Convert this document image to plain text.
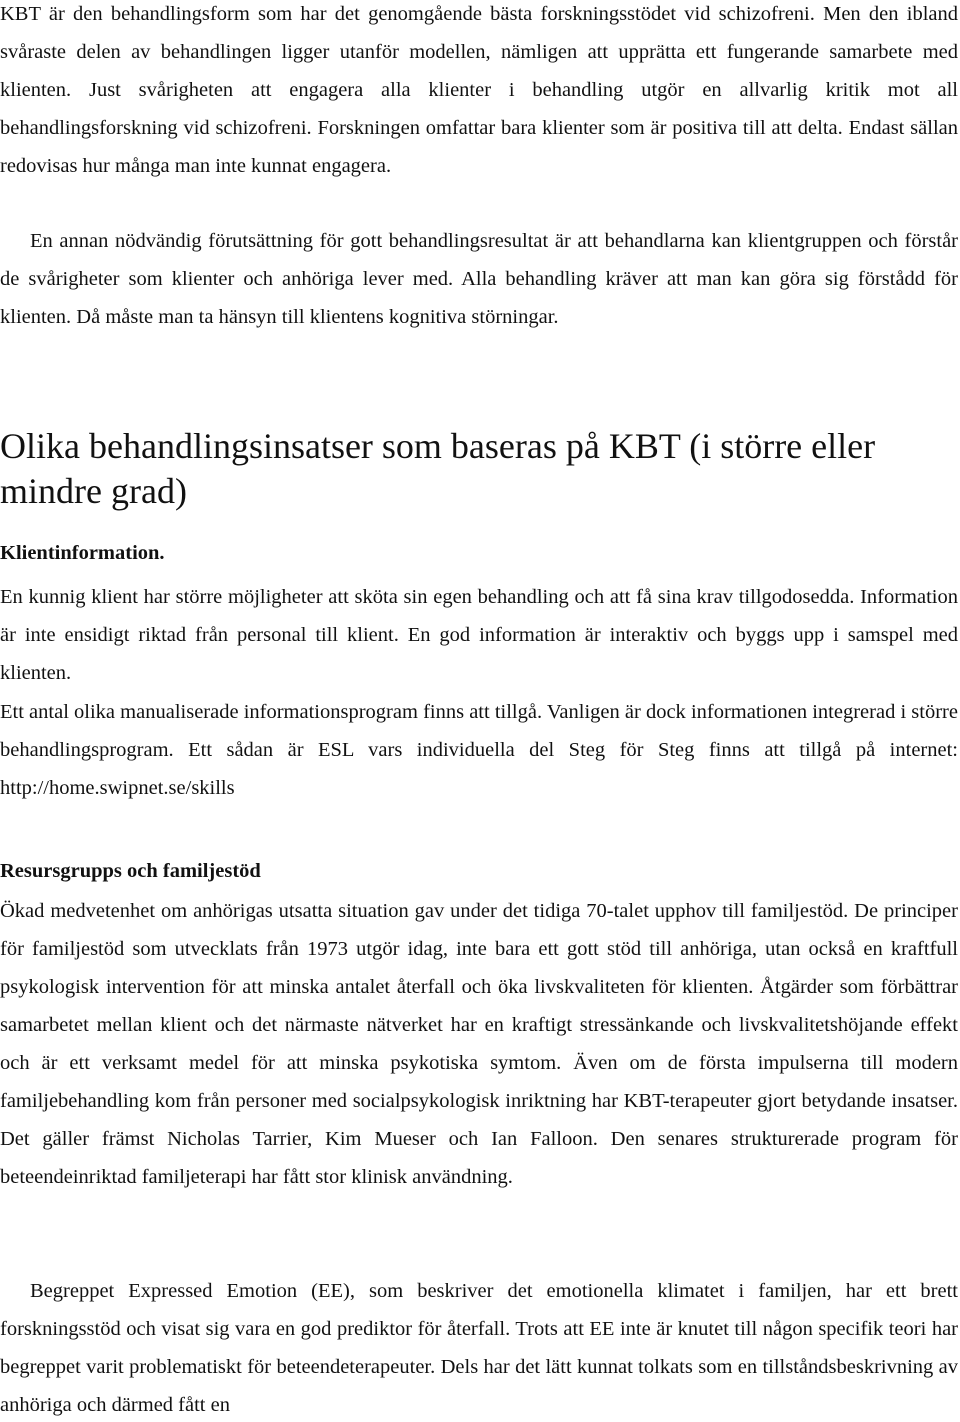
KBT är den behandlingsform som har det genomgående bästa forskningsstödet vid schizofreni. Men den ibland svåraste delen av behandlingen ligger utanför modellen, nämligen att upprätta ett fungerande samarbete med klienten. Just svårigheten att engagera alla klienter i behandling utgör en allvarlig kritik mot all behandlingsforskning vid schizofreni. Forskningen omfattar bara klienter som är positiva till att delta. Endast sällan redovisas hur många man inte kunnat engagera.

En annan nödvändig förutsättning för gott behandlingsresultat är att behandlarna kan klientgruppen och förstår de svårigheter som klienter och anhöriga lever med. Alla behandling kräver att man kan göra sig förstådd för klienten. Då måste man ta hänsyn till klientens kognitiva störningar.

Olika behandlingsinsatser som baseras på KBT (i större eller mindre grad)
Klientinformation.

En kunnig klient har större möjligheter att sköta sin egen behandling och att få sina krav tillgodosedda. Information är inte ensidigt riktad från personal till klient. En god information är interaktiv och byggs upp i samspel med klienten.

Ett antal olika manualiserade informationsprogram finns att tillgå. Vanligen är dock informationen integrerad i större behandlingsprogram. Ett sådan är ESL vars individuella del Steg för Steg finns att tillgå på internet: http://home.swipnet.se/skills

Resursgrupps och familjestöd

Ökad medvetenhet om anhörigas utsatta situation gav under det tidiga 70-talet upphov till familjestöd. De principer för familjestöd som utvecklats från 1973 utgör idag, inte bara ett gott stöd till anhöriga, utan också en kraftfull psykologisk intervention för att minska antalet återfall och öka livskvaliteten för klienten. Åtgärder som förbättrar samarbetet mellan klient och det närmaste nätverket har en kraftigt stressänkande och livskvalitetshöjande effekt och är ett verksamt medel för att minska psykotiska symtom. Även om de första impulserna till modern familjebehandling kom från personer med socialpsykologisk inriktning har KBT-terapeuter gjort betydande insatser. Det gäller främst Nicholas Tarrier, Kim Mueser och Ian Falloon. Den senares strukturerade program för beteendeinriktad familjeterapi har fått stor klinisk användning.

Begreppet Expressed Emotion (EE), som beskriver det emotionella klimatet i familjen, har ett brett forskningsstöd och visat sig vara en god prediktor för återfall. Trots att EE inte är knutet till någon specifik teori har begreppet varit problematiskt för beteendeterapeuter. Dels har det lätt kunnat tolkats som en tillståndsbeskrivning av anhöriga och därmed fått en
